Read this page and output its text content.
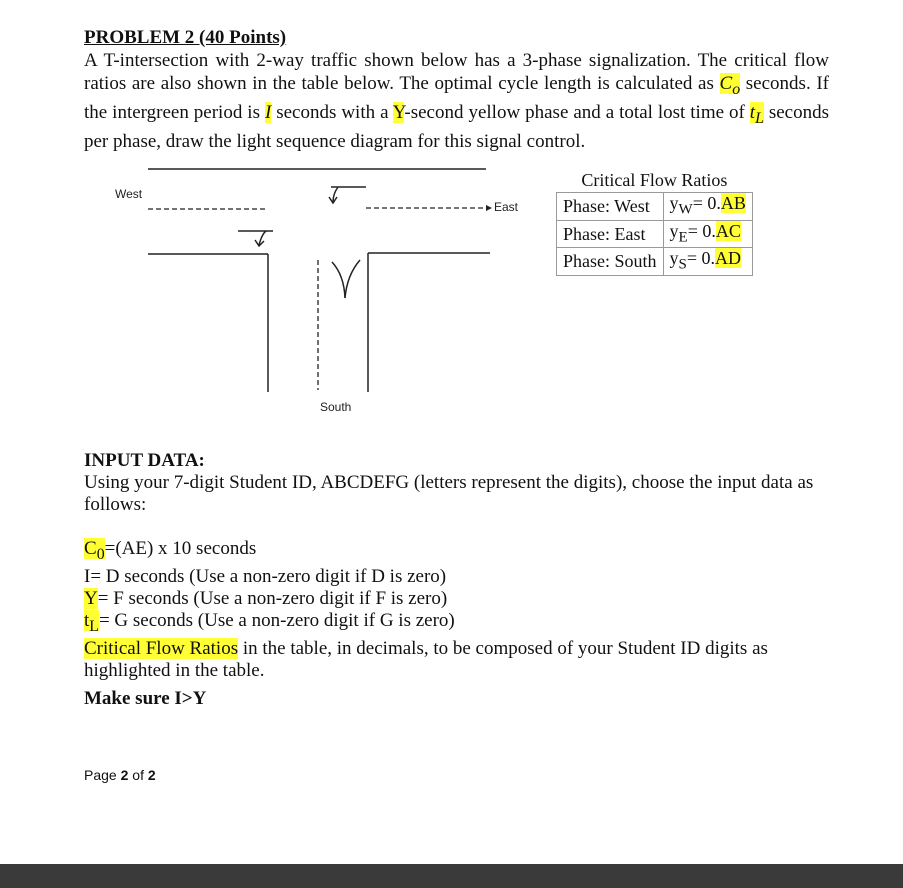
PROBLEM 2 (40 Points)
A T-intersection with 2-way traffic shown below has a 3-phase signalization. The critical flow ratios are also shown in the table below. The optimal cycle length is calculated as $C_o$ seconds. If the intergreen period is I seconds with a Y-second yellow phase and a total lost time of $t_L$ seconds per phase, draw the light sequence diagram for this signal control.
West
East
South
Critical Flow Ratios
Phase: West	$y_W= 0.AB$
Phase: East	$y_E= 0.AC$
Phase: South	$y_S= 0.AD$
INPUT DATA:
Using your 7-digit Student ID, ABCDEFG (letters represent the digits), choose the input data as follows:
$C_0=(AE)$ x 10 seconds
I= D seconds (Use a non-zero digit if D is zero)
Y= F seconds (Use a non-zero digit if F is zero)
$t_L= G$ seconds (Use a non-zero digit if G is zero)
Critical Flow Ratios in the table, in decimals, to be composed of your Student ID digits as highlighted in the table.
Make sure I>Y
Page 2 of 2
